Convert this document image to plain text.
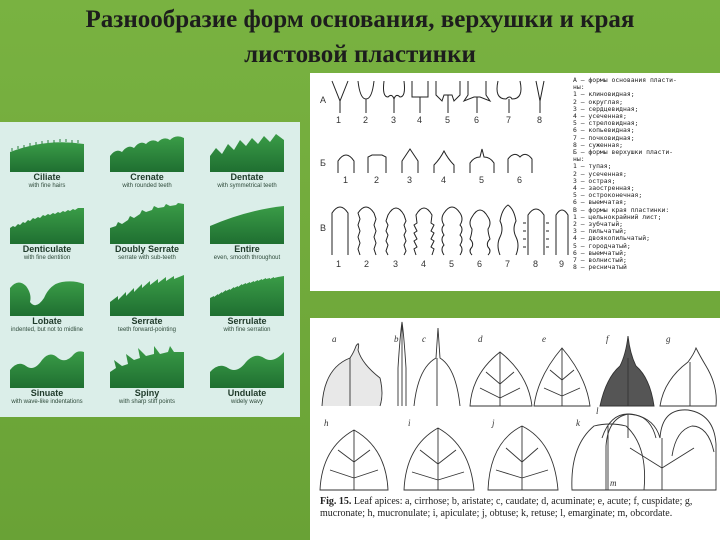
Разнообразие форм основания, верхушки и края
листовой пластинки
Ciliate
with fine hairs
Crenate
with rounded teeth
Dentate
with symmetrical teeth
Denticulate
with fine dentition
Doubly Serrate
serrate with sub-teeth
Entire
even, smooth throughout
Lobate
indented, but not to midline
Serrate
teeth forward-pointing
Serrulate
with fine serration
Sinuate
with wave-like indentations
Spiny
with sharp stiff points
Undulate
widely wavy
А
Б
В
1 2	3 4	5	6	7	8
1	2	3	4	5	6
1	2	3	4	5	6	7	8 9
А — формы основания пласти-
ны:
1 — клиновидная;
2 — округлая;
3 — сердцевидная;
4 — усеченная;
5 — стреловидная;
6 — копьевидная;
7 — почковидная;
8 — суженная;
Б — формы верхушки пласти-
ны:
1 — тупая;
2 — усеченная;
3 — острая;
4 — заостренная;
5 — остроконечная;
6 — выемчатая;
В — формы края пластинки:
1 — цельнокрайний лист;
2 — зубчатый;
3 — пильчатый;
4 — двоякопильчатый;
5 — городчатый;
6 — выемчатый;
7 — волнистый;
8 — ресничатый
a	b	c	d	e	f	g
h	i	j	k
l
m
Fig. 15. Leaf apices: a, cirrhose; b, aristate; c, caudate; d, acuminate; e, acute; f, cuspidate; g, mucronate; h, mucronulate; i, apiculate; j, obtuse; k, retuse; l, emarginate; m, obcordate.
